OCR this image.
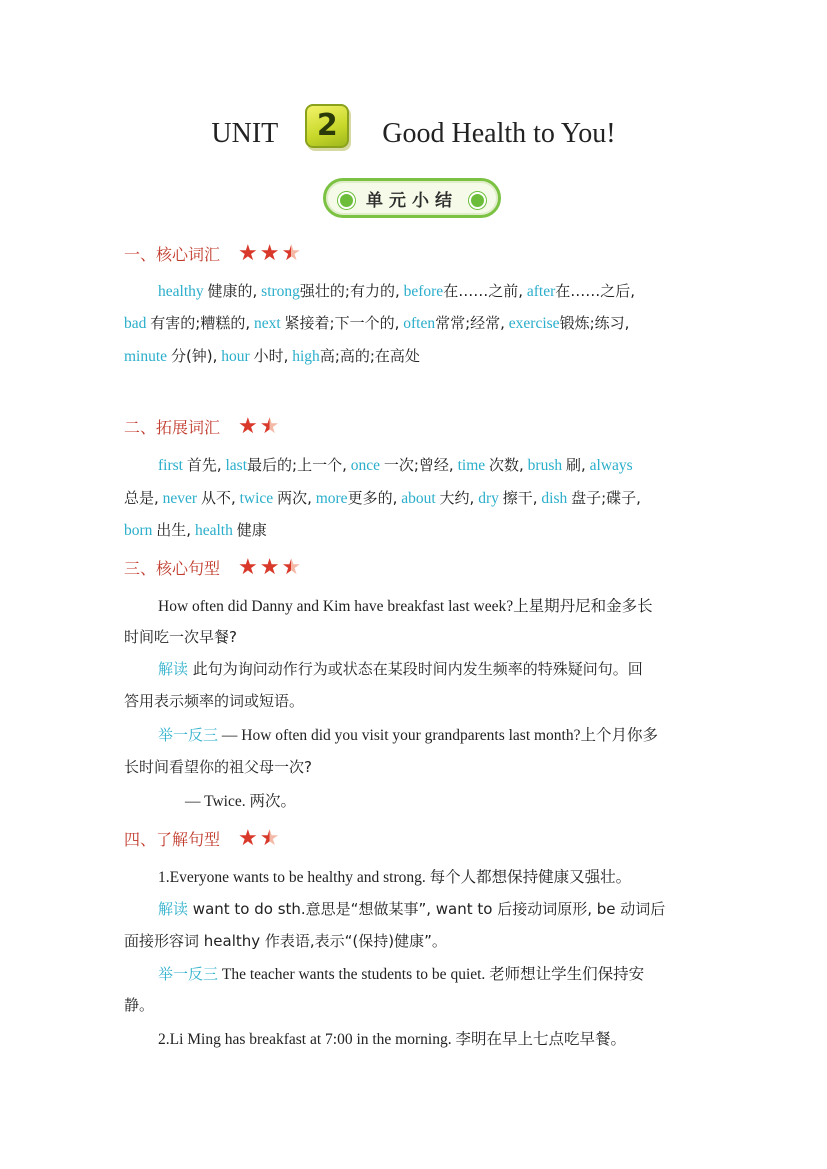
UNIT 2 Good Health to You!
单元小结
一、核心词汇 ★ ★ ★
healthy 健康的, strong强壮的;有力的, before在……之前, after在……之后,
bad 有害的;糟糕的, next 紧接着;下一个的, often常常;经常, exercise锻炼;练习,
minute 分(钟), hour 小时, high高;高的;在高处
二、拓展词汇 ★ ★
first 首先, last最后的;上一个, once 一次;曾经, time 次数, brush 刷, always
总是, never 从不, twice 两次, more更多的, about 大约, dry 擦干, dish 盘子;碟子,
born 出生, health 健康
三、核心句型 ★ ★ ★
How often did Danny and Kim have breakfast last week?上星期丹尼和金多长
时间吃一次早餐?
解读 此句为询问动作行为或状态在某段时间内发生频率的特殊疑问句。回
答用表示频率的词或短语。
举一反三 — How often did you visit your grandparents last month?上个月你多
长时间看望你的祖父母一次?
— Twice. 两次。
四、了解句型 ★ ★
1.Everyone wants to be healthy and strong. 每个人都想保持健康又强壮。
解读 want to do sth.意思是“想做某事”, want to 后接动词原形, be 动词后
面接形容词 healthy 作表语,表示“(保持)健康”。
举一反三 The teacher wants the students to be quiet. 老师想让学生们保持安
静。
2.Li Ming has breakfast at 7:00 in the morning. 李明在早上七点吃早餐。
